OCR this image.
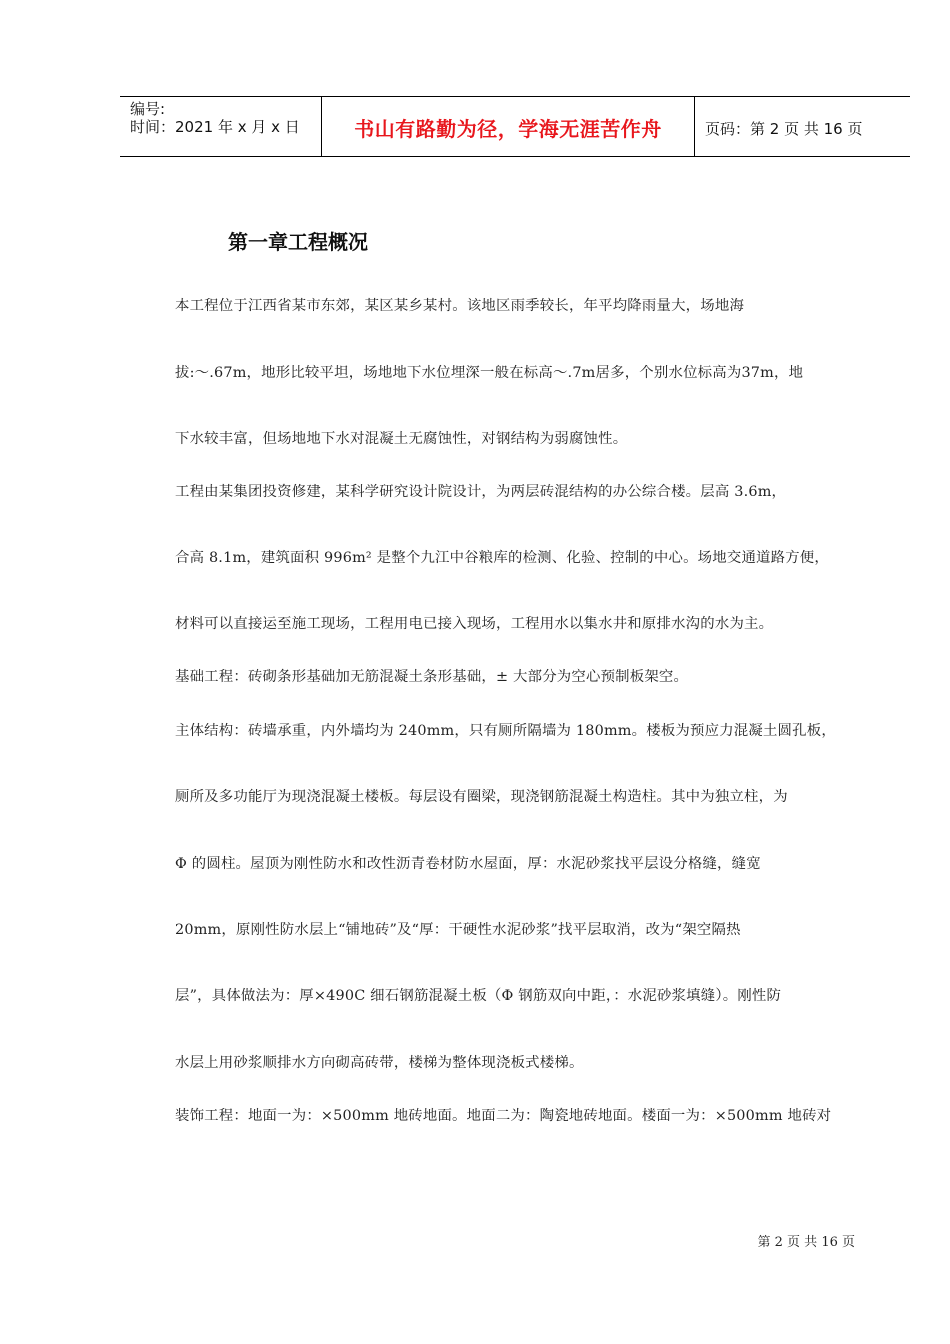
编号:
时间：2021 年 x 月 x 日	书山有路勤为径，学海无涯苦作舟	页码：第 2 页 共 16 页
第一章工程概况
本工程位于江西省某市东郊，某区某乡某村。该地区雨季较长，年平均降雨量大，场地海
拔:～.67m，地形比较平坦，场地地下水位埋深一般在标高～.7m居多，个别水位标高为37m，地
下水较丰富，但场地地下水对混凝土无腐蚀性，对钢结构为弱腐蚀性。
工程由某集团投资修建，某科学研究设计院设计，为两层砖混结构的办公综合楼。层高 3.6m，
合高 8.1m，建筑面积 996m² 是整个九江中谷粮库的检测、化验、控制的中心。场地交通道路方便，
材料可以直接运至施工现场，工程用电已接入现场，工程用水以集水井和原排水沟的水为主。
基础工程：砖砌条形基础加无筋混凝土条形基础，± 大部分为空心预制板架空。
主体结构：砖墙承重，内外墙均为 240mm，只有厕所隔墙为 180mm。楼板为预应力混凝土圆孔板，
厕所及多功能厅为现浇混凝土楼板。每层设有圈梁，现浇钢筋混凝土构造柱。其中为独立柱，为
Φ 的圆柱。屋顶为刚性防水和改性沥青卷材防水屋面，厚：水泥砂浆找平层设分格缝，缝宽
20mm，原刚性防水层上“铺地砖”及“厚：干硬性水泥砂浆”找平层取消，改为“架空隔热
层”，具体做法为：厚×490C 细石钢筋混凝土板（Φ 钢筋双向中距，：水泥砂浆填缝）。刚性防
水层上用砂浆顺排水方向砌高砖带，楼梯为整体现浇板式楼梯。
装饰工程：地面一为：×500mm 地砖地面。地面二为：陶瓷地砖地面。楼面一为：×500mm 地砖对
第 2 页 共 16 页
